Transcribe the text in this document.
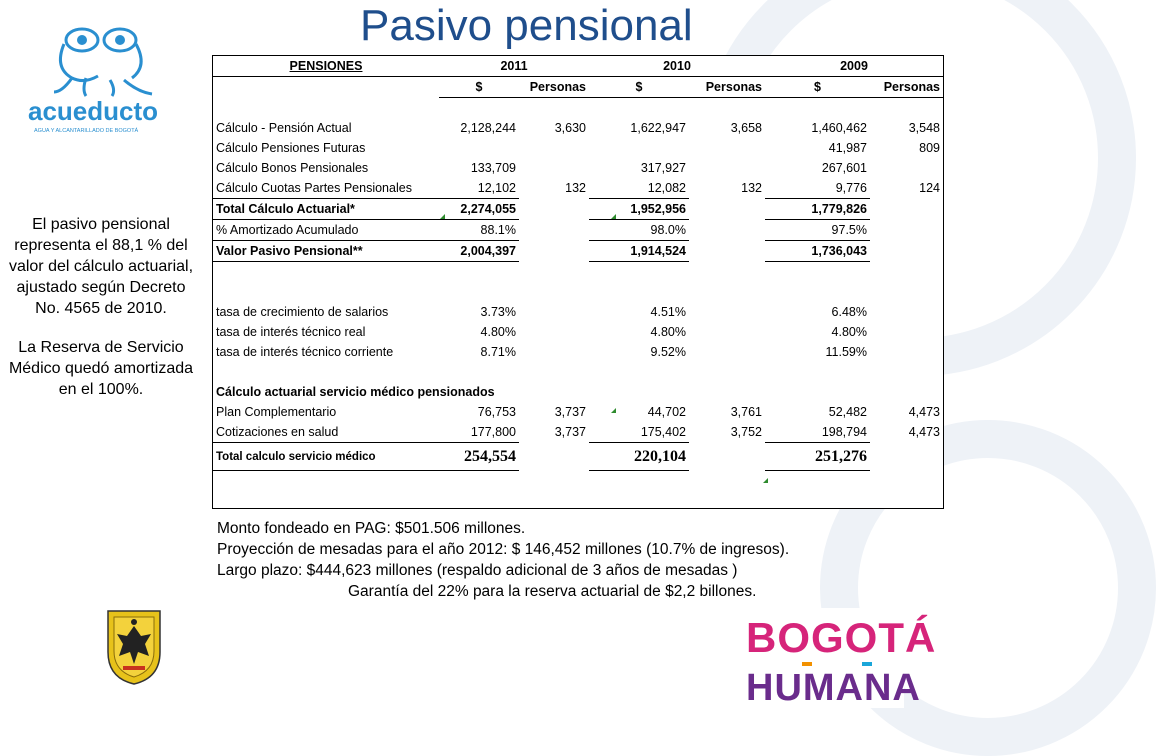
Pasivo pensional
acueducto
AGUA Y ALCANTARILLADO DE BOGOTÁ

El pasivo pensional representa el 88,1 % del valor del cálculo actuarial, ajustado según Decreto No. 4565 de 2010.

La Reserva de Servicio Médico quedó amortizada en el 100%.

PENSIONES	2011		2010		2009	
	$	Personas	$	Personas	$	Personas

Cálculo - Pensión Actual	2,128,244	3,630	1,622,947	3,658	1,460,462	3,548
Cálculo Pensiones Futuras					41,987	809
Cálculo Bonos Pensionales	133,709		317,927		267,601	
Cálculo Cuotas Partes Pensionales	12,102	132	12,082	132	9,776	124
Total Cálculo Actuarial*	2,274,055		1,952,956		1,779,826	
% Amortizado Acumulado	88.1%		98.0%		97.5%	
Valor Pasivo Pensional**	2,004,397		1,914,524		1,736,043	

tasa de crecimiento de salarios	3.73%		4.51%		6.48%	
tasa de interés técnico real	4.80%		4.80%		4.80%	
tasa de interés técnico corriente	8.71%		9.52%		11.59%	

Cálculo actuarial servicio médico pensionados						
Plan Complementario	76,753	3,737	44,702	3,761	52,482	4,473
Cotizaciones en salud	177,800	3,737	175,402	3,752	198,794	4,473
Total calculo servicio médico	254,554		220,104		251,276	
Monto fondeado en PAG: $501.506 millones.
Proyección de mesadas para el año 2012: $ 146,452 millones (10.7% de ingresos).
Largo plazo: $444,623 millones (respaldo adicional de 3 años de mesadas )
Garantía del 22% para la reserva actuarial de $2,2 billones.
BOGOTÁ
HUMANA
